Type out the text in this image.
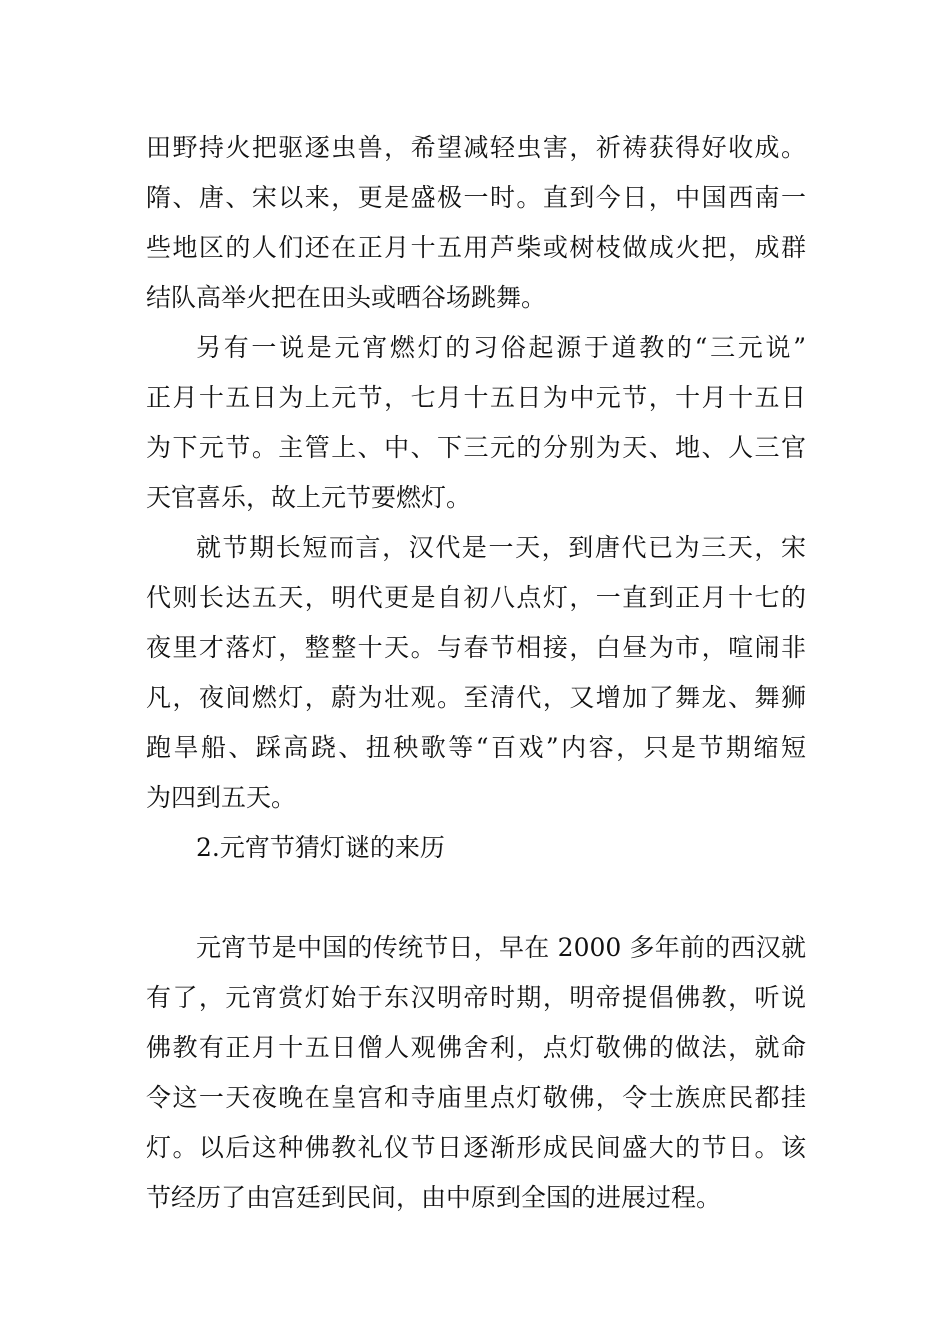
田野持火把驱逐虫兽，希望减轻虫害，祈祷获得好收成。
隋、唐、宋以来，更是盛极一时。直到今日，中国西南一
些地区的人们还在正月十五用芦柴或树枝做成火把，成群
结队高举火把在田头或晒谷场跳舞。
另有一说是元宵燃灯的习俗起源于道教的“三元说”
正月十五日为上元节，七月十五日为中元节，十月十五日
为下元节。主管上、中、下三元的分别为天、地、人三官
天官喜乐，故上元节要燃灯。
就节期长短而言，汉代是一天，到唐代已为三天，宋
代则长达五天，明代更是自初八点灯，一直到正月十七的
夜里才落灯，整整十天。与春节相接，白昼为市，喧闹非
凡，夜间燃灯，蔚为壮观。至清代，又增加了舞龙、舞狮
跑旱船、踩高跷、扭秧歌等“百戏”内容，只是节期缩短
为四到五天。
2.元宵节猜灯谜的来历
元宵节是中国的传统节日，早在 2000 多年前的西汉就
有了，元宵赏灯始于东汉明帝时期，明帝提倡佛教，听说
佛教有正月十五日僧人观佛舍利，点灯敬佛的做法，就命
令这一天夜晚在皇宫和寺庙里点灯敬佛，令士族庶民都挂
灯。以后这种佛教礼仪节日逐渐形成民间盛大的节日。该
节经历了由宫廷到民间，由中原到全国的进展过程。
